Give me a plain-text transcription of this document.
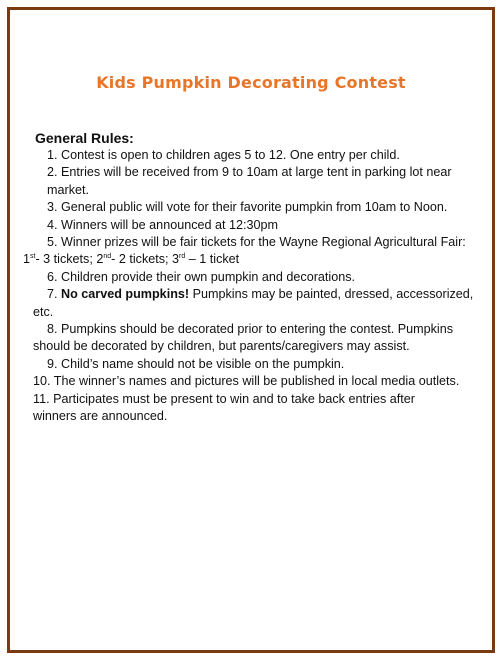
Kids Pumpkin Decorating Contest
General Rules:
1. Contest is open to children ages 5 to 12. One entry per child.
2. Entries will be received from 9 to 10am at large tent in parking lot near
market.
3. General public will vote for their favorite pumpkin from 10am to Noon.
4. Winners will be announced at 12:30pm
5. Winner prizes will be fair tickets for the Wayne Regional Agricultural Fair:
1st- 3 tickets; 2nd- 2 tickets; 3rd – 1 ticket
6. Children provide their own pumpkin and decorations.
7. No carved pumpkins! Pumpkins may be painted, dressed, accessorized,
etc.
8. Pumpkins should be decorated prior to entering the contest. Pumpkins
should be decorated by children, but parents/caregivers may assist.
9. Child’s name should not be visible on the pumpkin.
10. The winner’s names and pictures will be published in local media outlets.
11. Participates must be present to win and to take back entries after
winners are announced.
